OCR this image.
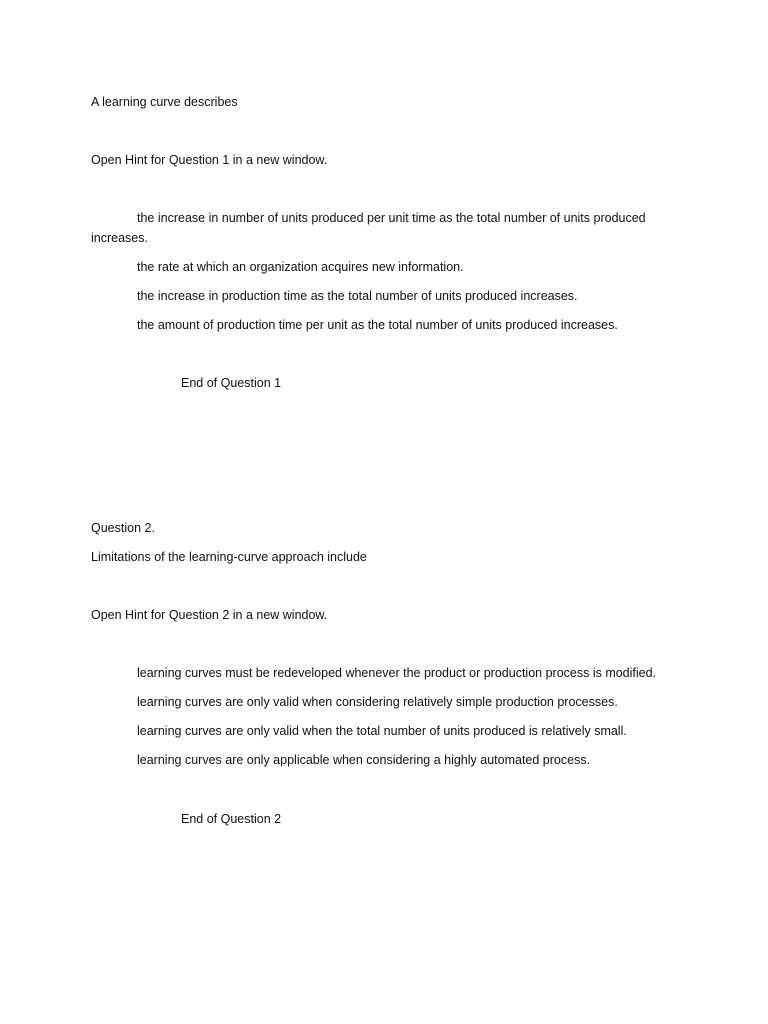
A learning curve describes
Open Hint for Question 1 in a new window.
the increase in number of units produced per unit time as the total number of units produced increases.
the rate at which an organization acquires new information.
the increase in production time as the total number of units produced increases.
the amount of production time per unit as the total number of units produced increases.
End of Question 1
Question 2.
Limitations of the learning-curve approach include
Open Hint for Question 2 in a new window.
learning curves must be redeveloped whenever the product or production process is modified.
learning curves are only valid when considering relatively simple production processes.
learning curves are only valid when the total number of units produced is relatively small.
learning curves are only applicable when considering a highly automated process.
End of Question 2
